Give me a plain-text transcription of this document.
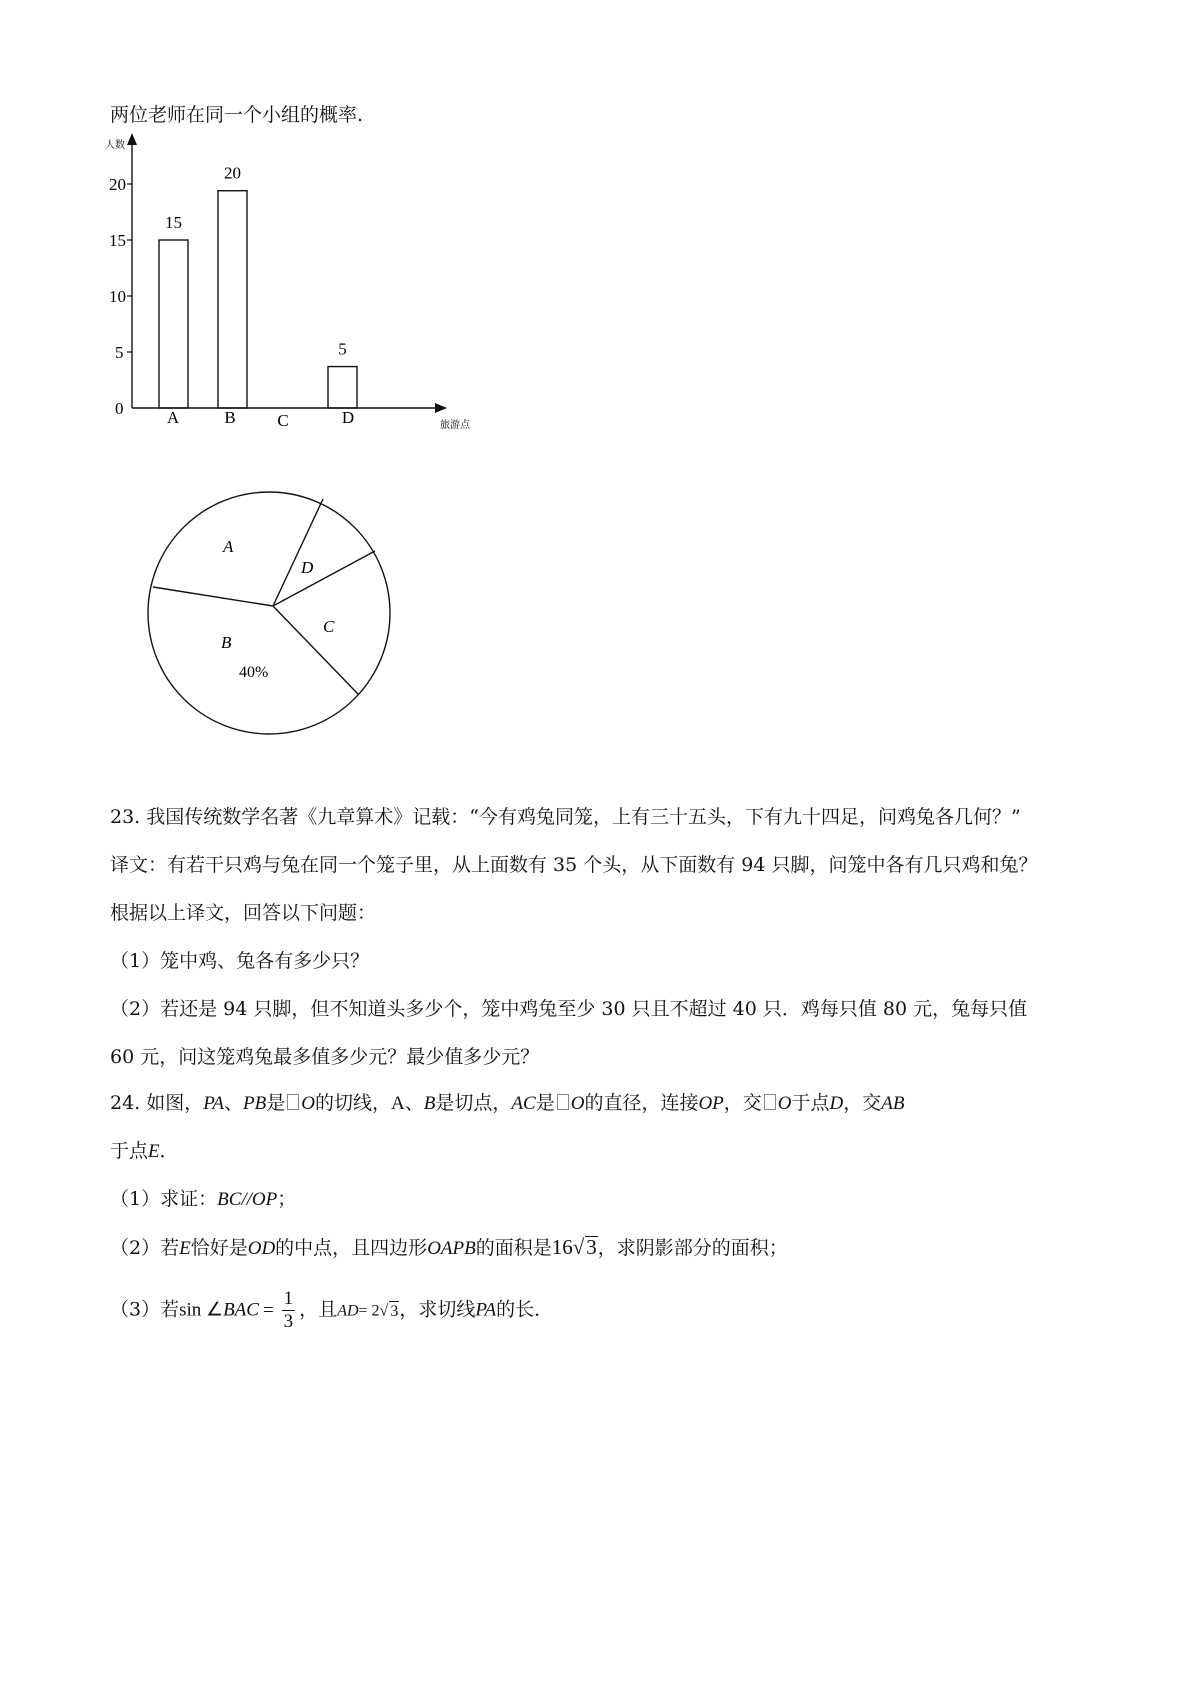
两位老师在同一个小组的概率.
人数
旅游点
0
5
10
15
20
15
A
20
B C
5
D
A
D
C
B
40%
23. 我国传统数学名著《九章算术》记载：“今有鸡兔同笼，上有三十五头，下有九十四足，问鸡兔各几何？”
译文：有若干只鸡与兔在同一个笼子里，从上面数有 35 个头，从下面数有 94 只脚，问笼中各有几只鸡和兔？
根据以上译文，回答以下问题：
（1）笼中鸡、兔各有多少只？
（2）若还是 94 只脚，但不知道头多少个，笼中鸡兔至少 30 只且不超过 40 只．鸡每只值 80 元，兔每只值
60 元，问这笼鸡兔最多值多少元？最少值多少元？
24. 如图，PA、PB是 O的切线，A、B是切点，AC是 O的直径，连接OP，交 O于点D，交AB
于点E．
（1）求证：BC//OP；
（2）若E恰好是OD的中点，且四边形OAPB的面积是16√3，求阴影部分的面积；
（3）若sin ∠BAC = $\frac{1}{3}$ ，且AD= 2√ 3，求切线PA的长．
